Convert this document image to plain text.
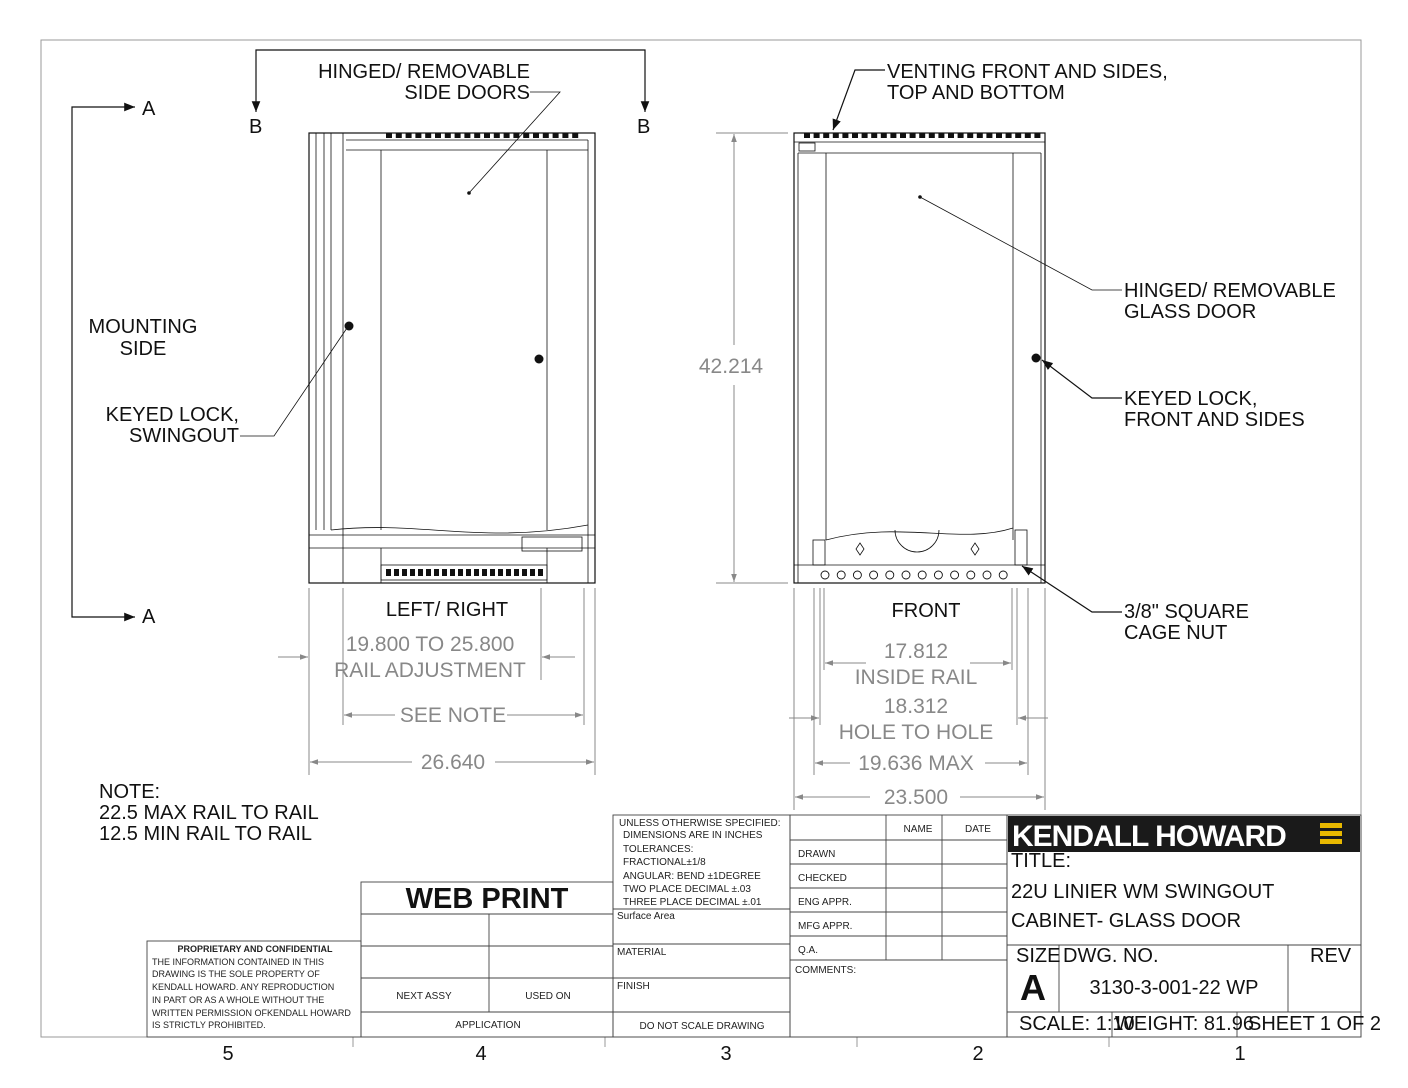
5	4	3	2	1
A
A
B	B
HINGED/ REMOVABLE
SIDE DOORS
MOUNTING
SIDE
KEYED LOCK,
SWINGOUT
LEFT/ RIGHT
19.800 TO 25.800
RAIL ADJUSTMENT
SEE NOTE
26.640
VENTING FRONT AND SIDES,
TOP AND BOTTOM
42.214
HINGED/ REMOVABLE
GLASS DOOR
KEYED LOCK,
FRONT AND SIDES
3/8" SQUARE
CAGE NUT
FRONT
17.812
INSIDE RAIL
18.312
HOLE TO HOLE
19.636 MAX
23.500
NOTE:
22.5 MAX RAIL TO RAIL
12.5 MIN RAIL TO RAIL	KENDALL HOWARD
WEB PRINT
NEXT ASSY	USED ON
APPLICATION
PROPRIETARY AND CONFIDENTIAL
THE INFORMATION CONTAINED IN THIS
DRAWING IS THE SOLE PROPERTY OF
KENDALL HOWARD. ANY REPRODUCTION
IN PART OR AS A WHOLE WITHOUT THE
WRITTEN PERMISSION OFKENDALL HOWARD
IS STRICTLY PROHIBITED.
UNLESS OTHERWISE SPECIFIED:
DIMENSIONS ARE IN INCHES
TOLERANCES:
FRACTIONAL±1/8
ANGULAR: BEND ±1DEGREE
TWO PLACE DECIMAL ±.03
THREE PLACE DECIMAL ±.01
Surface Area
MATERIAL
FINISH
DO NOT SCALE DRAWING
NAME	DATE
DRAWN
CHECKED
ENG APPR.
MFG APPR.
Q.A.
COMMENTS:
TITLE:
22U LINIER WM SWINGOUT
CABINET- GLASS DOOR
SIZE
A
DWG. NO.
3130-3-001-22 WP
REV
SCALE: 1:10
WEIGHT: 81.96
SHEET 1 OF 2
